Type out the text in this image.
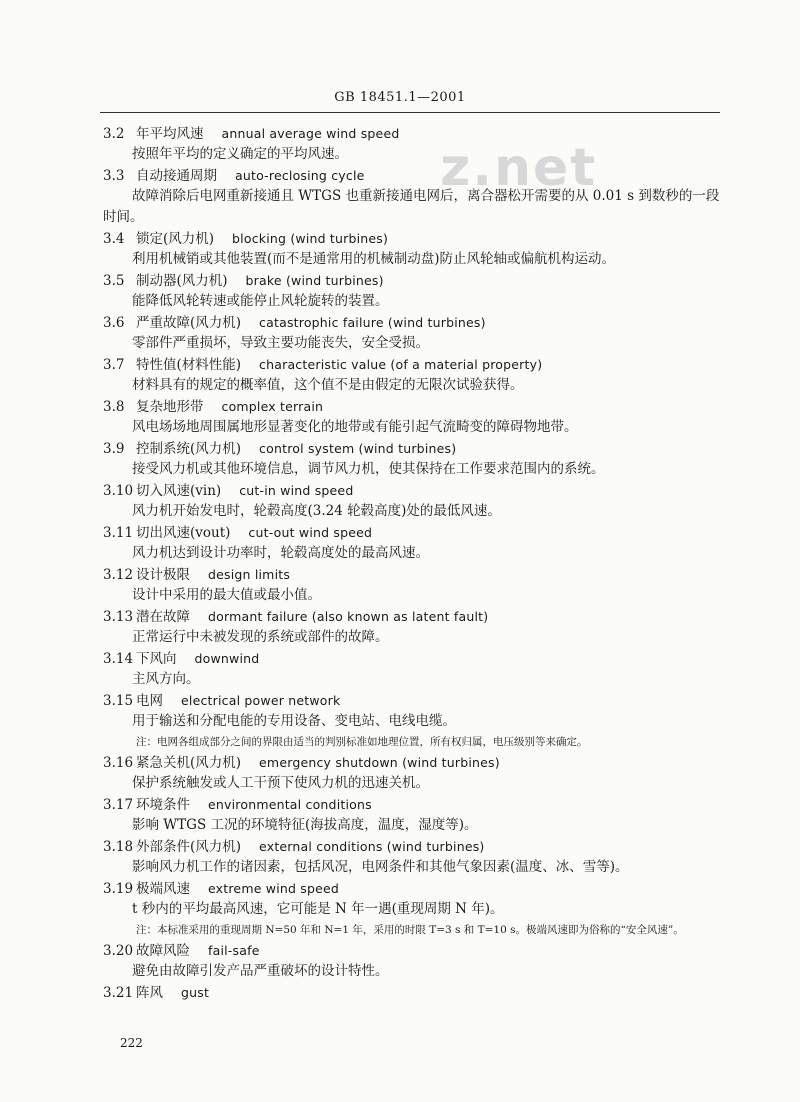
GB 18451.1—2001
z.net
3.2 年平均风速 annual average wind speed
按照年平均的定义确定的平均风速。
3.3 自动接通周期 auto-reclosing cycle
故障消除后电网重新接通且 WTGS 也重新接通电网后，离合器松开需要的从 0.01 s 到数秒的一段时间。
3.4 锁定(风力机) blocking (wind turbines)
利用机械销或其他装置(而不是通常用的机械制动盘)防止风轮轴或偏航机构运动。
3.5 制动器(风力机) brake (wind turbines)
能降低风轮转速或能停止风轮旋转的装置。
3.6 严重故障(风力机) catastrophic failure (wind turbines)
零部件严重损坏，导致主要功能丧失，安全受损。
3.7 特性值(材料性能) characteristic value (of a material property)
材料具有的规定的概率值，这个值不是由假定的无限次试验获得。
3.8 复杂地形带 complex terrain
风电场场地周围属地形显著变化的地带或有能引起气流畸变的障碍物地带。
3.9 控制系统(风力机) control system (wind turbines)
接受风力机或其他环境信息，调节风力机，使其保持在工作要求范围内的系统。
3.10 切入风速(vin) cut-in wind speed
风力机开始发电时，轮毂高度(3.24 轮毂高度)处的最低风速。
3.11 切出风速(vout) cut-out wind speed
风力机达到设计功率时，轮毂高度处的最高风速。
3.12 设计极限 design limits
设计中采用的最大值或最小值。
3.13 潜在故障 dormant failure (also known as latent fault)
正常运行中未被发现的系统或部件的故障。
3.14 下风向 downwind
主风方向。
3.15 电网 electrical power network
用于输送和分配电能的专用设备、变电站、电线电缆。
注：电网各组成部分之间的界限由适当的判别标准如地理位置，所有权归属，电压级别等来确定。
3.16 紧急关机(风力机) emergency shutdown (wind turbines)
保护系统触发或人工干预下使风力机的迅速关机。
3.17 环境条件 environmental conditions
影响 WTGS 工况的环境特征(海拔高度，温度，湿度等)。
3.18 外部条件(风力机) external conditions (wind turbines)
影响风力机工作的诸因素，包括风况，电网条件和其他气象因素(温度、冰、雪等)。
3.19 极端风速 extreme wind speed
t 秒内的平均最高风速，它可能是 N 年一遇(重现周期 N 年)。
注：本标准采用的重现周期 N=50 年和 N=1 年，采用的时限 T=3 s 和 T=10 s。极端风速即为俗称的“安全风速”。
3.20 故障风险 fail-safe
避免由故障引发产品严重破坏的设计特性。
3.21 阵风 gust
222
